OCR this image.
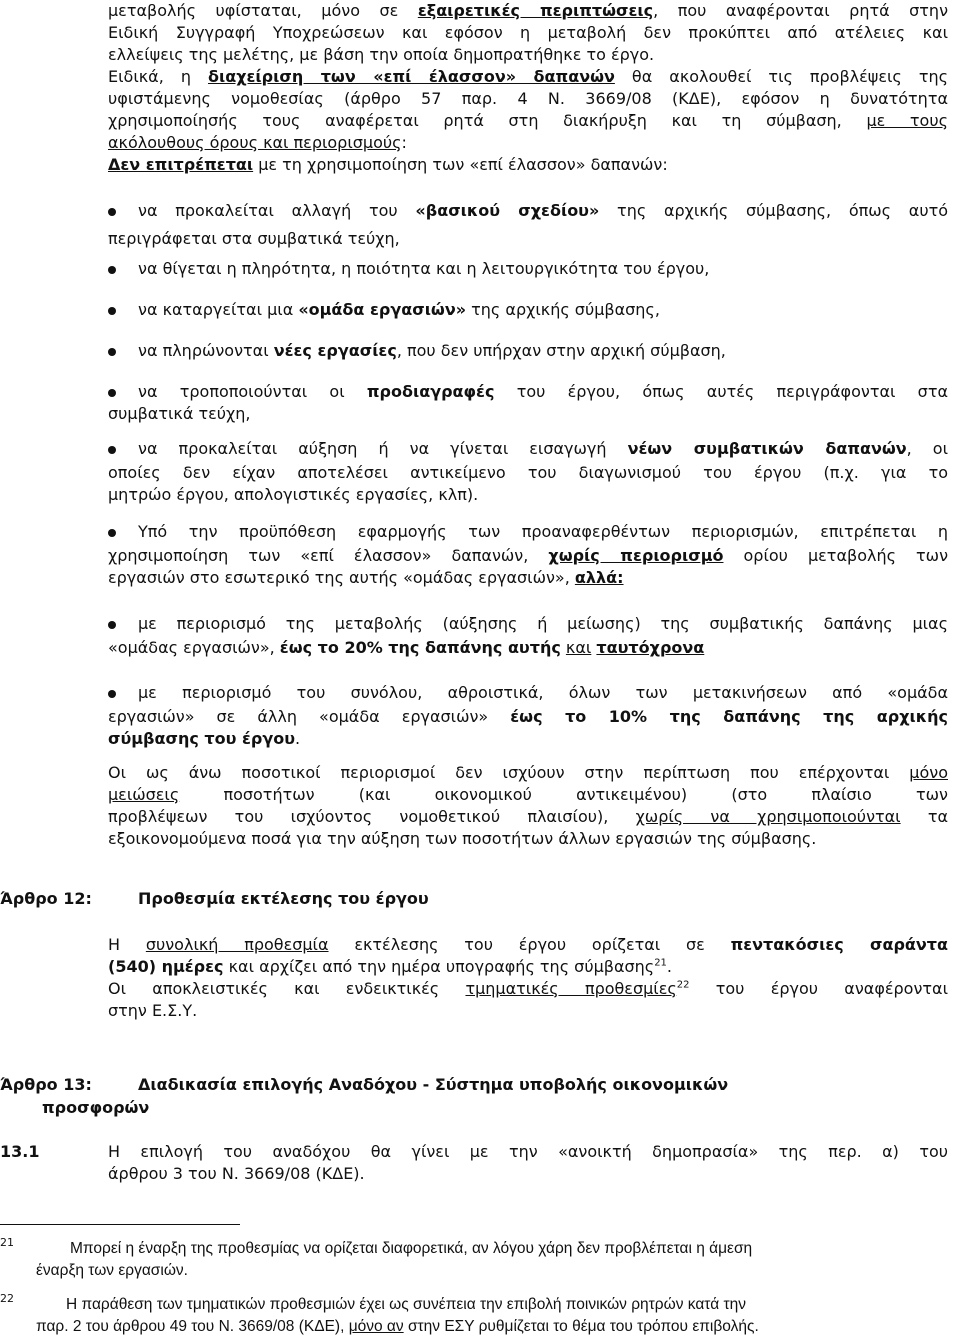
μεταβολής υφίσταται, μόνο σε εξαιρετικές περιπτώσεις, που αναφέρονται ρητά στην
Ειδική Συγγραφή Υποχρεώσεων και εφόσον η μεταβολή δεν προκύπτει από ατέλειες και
ελλείψεις της μελέτης, με βάση την οποία δημοπρατήθηκε το έργο.
Ειδικά, η διαχείριση των «επί έλασσον» δαπανών θα ακολουθεί τις προβλέψεις της
υφιστάμενης νομοθεσίας (άρθρο 57 παρ. 4 Ν. 3669/08 (ΚΔΕ), εφόσον η δυνατότητα
χρησιμοποίησής τους αναφέρεται ρητά στη διακήρυξη και τη σύμβαση, με τους
ακόλουθους όρους και περιορισμούς:
Δεν επιτρέπεται με τη χρησιμοποίηση των «επί έλασσον» δαπανών:
να προκαλείται αλλαγή του «βασικού σχεδίου» της αρχικής σύμβασης, όπως αυτό
περιγράφεται στα συμβατικά τεύχη,
να θίγεται η πληρότητα, η ποιότητα και η λειτουργικότητα του έργου,
να καταργείται μια «ομάδα εργασιών» της αρχικής σύμβασης,
να πληρώνονται νέες εργασίες, που δεν υπήρχαν στην αρχική σύμβαση,
να τροποποιούνται οι προδιαγραφές του έργου, όπως αυτές περιγράφονται στα
συμβατικά τεύχη,
να προκαλείται αύξηση ή να γίνεται εισαγωγή νέων συμβατικών δαπανών, οι
οποίες δεν είχαν αποτελέσει αντικείμενο του διαγωνισμού του έργου (π.χ. για το
μητρώο έργου, απολογιστικές εργασίες, κλπ).
Υπό την προϋπόθεση εφαρμογής των προαναφερθέντων περιορισμών, επιτρέπεται η
χρησιμοποίηση των «επί έλασσον» δαπανών, χωρίς περιορισμό ορίου μεταβολής των
εργασιών στο εσωτερικό της αυτής «ομάδας εργασιών», αλλά:
με περιορισμό της μεταβολής (αύξησης ή μείωσης) της συμβατικής δαπάνης μιας
«ομάδας εργασιών», έως το 20% της δαπάνης αυτής και ταυτόχρονα
με περιορισμό του συνόλου, αθροιστικά, όλων των μετακινήσεων από «ομάδα
εργασιών» σε άλλη «ομάδα εργασιών» έως το 10% της δαπάνης της αρχικής
σύμβασης του έργου.
Οι ως άνω ποσοτικοί περιορισμοί δεν ισχύουν στην περίπτωση που επέρχονται μόνο
μειώσεις ποσοτήτων (και οικονομικού αντικειμένου) (στο πλαίσιο των
προβλέψεων του ισχύοντος νομοθετικού πλαισίου), χωρίς να χρησιμοποιούνται τα
εξοικονομούμενα ποσά για την αύξηση των ποσοτήτων άλλων εργασιών της σύμβασης.
Άρθρο 12:	Προθεσμία εκτέλεσης του έργου
Η συνολική προθεσμία εκτέλεσης του έργου ορίζεται σε πεντακόσιες σαράντα
(540) ημέρες και αρχίζει από την ημέρα υπογραφής της σύμβασης$^{21}$.
Οι αποκλειστικές και ενδεικτικές τμηματικές προθεσμίες$^{22}$ του έργου αναφέρονται
στην Ε.Σ.Υ.
Άρθρο 13:	Διαδικασία επιλογής Αναδόχου - Σύστημα υποβολής οικονομικών
προσφορών
13.1	Η επιλογή του αναδόχου θα γίνει με την «ανοικτή δημοπρασία» της περ. α) του
άρθρου 3 του Ν. 3669/08 (ΚΔΕ).
21	Μπορεί η έναρξη της προθεσμίας να ορίζεται διαφορετικά, αν λόγου χάρη δεν προβλέπεται η άμεση
έναρξη των εργασιών.
22	Η παράθεση των τμηματικών προθεσμιών έχει ως συνέπεια την επιβολή ποινικών ρητρών κατά την
παρ. 2 του άρθρου 49 του Ν. 3669/08 (ΚΔΕ), μόνο αν στην ΕΣΥ ρυθμίζεται το θέμα του τρόπου επιβολής.
